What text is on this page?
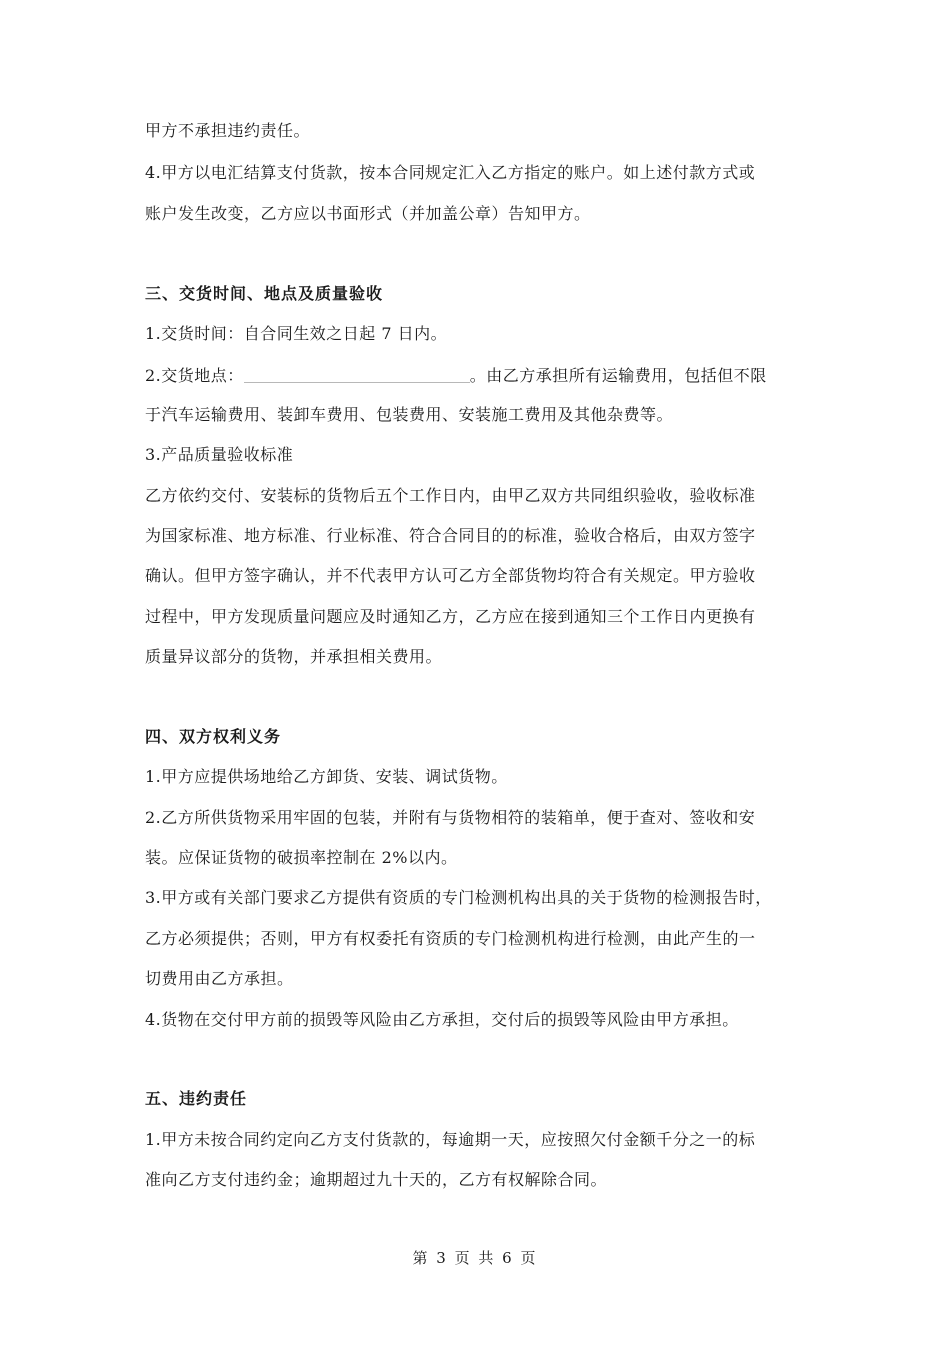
甲方不承担违约责任。
4.甲方以电汇结算支付货款，按本合同规定汇入乙方指定的账户。如上述付款方式或
账户发生改变，乙方应以书面形式（并加盖公章）告知甲方。
三、交货时间、地点及质量验收
1.交货时间：自合同生效之日起 7 日内。
2.交货地点：	。由乙方承担所有运输费用，包括但不限
于汽车运输费用、装卸车费用、包装费用、安装施工费用及其他杂费等。
3.产品质量验收标准
乙方依约交付、安装标的货物后五个工作日内，由甲乙双方共同组织验收，验收标准
为国家标准、地方标准、行业标准、符合合同目的的标准，验收合格后，由双方签字
确认。但甲方签字确认，并不代表甲方认可乙方全部货物均符合有关规定。甲方验收
过程中，甲方发现质量问题应及时通知乙方，乙方应在接到通知三个工作日内更换有
质量异议部分的货物，并承担相关费用。
四、双方权利义务
1.甲方应提供场地给乙方卸货、安装、调试货物。
2.乙方所供货物采用牢固的包装，并附有与货物相符的装箱单，便于查对、签收和安
装。应保证货物的破损率控制在 2%以内。
3.甲方或有关部门要求乙方提供有资质的专门检测机构出具的关于货物的检测报告时，
乙方必须提供；否则，甲方有权委托有资质的专门检测机构进行检测，由此产生的一
切费用由乙方承担。
4.货物在交付甲方前的损毁等风险由乙方承担，交付后的损毁等风险由甲方承担。
五、违约责任
1.甲方未按合同约定向乙方支付货款的，每逾期一天，应按照欠付金额千分之一的标
准向乙方支付违约金；逾期超过九十天的，乙方有权解除合同。
第 3 页 共 6 页
